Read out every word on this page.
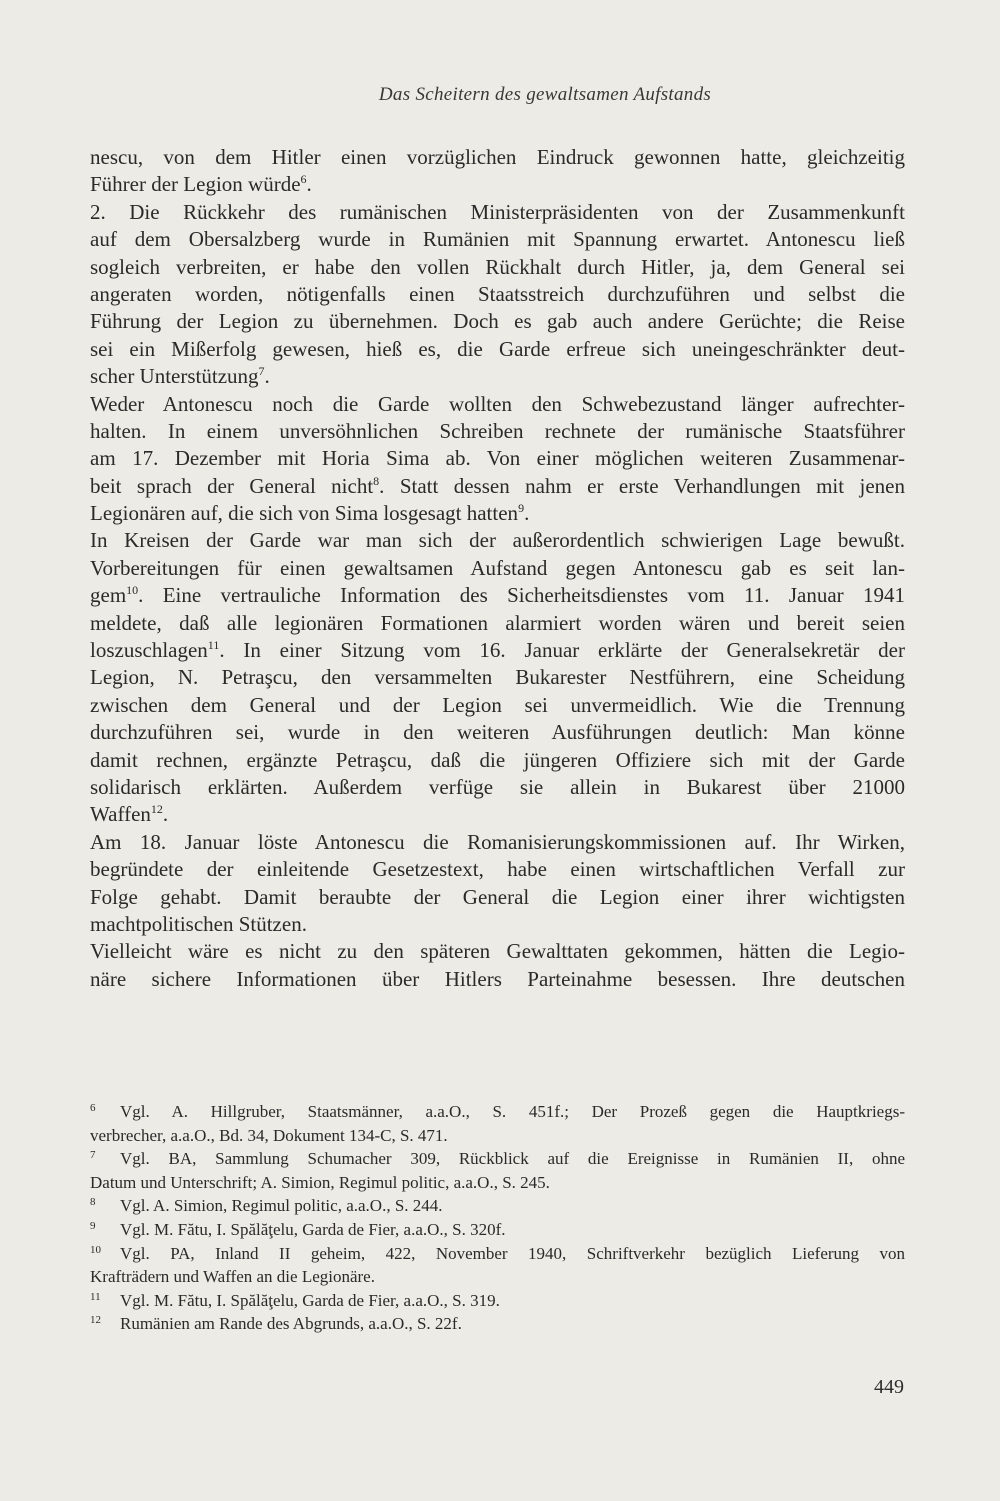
Das Scheitern des gewaltsamen Aufstands
nescu, von dem Hitler einen vorzüglichen Eindruck gewonnen hatte, gleichzeitig
Führer der Legion würde$^6$.
2. Die Rückkehr des rumänischen Ministerpräsidenten von der Zusammenkunft
auf dem Obersalzberg wurde in Rumänien mit Spannung erwartet. Antonescu ließ
sogleich verbreiten, er habe den vollen Rückhalt durch Hitler, ja, dem General sei
angeraten worden, nötigenfalls einen Staatsstreich durchzuführen und selbst die
Führung der Legion zu übernehmen. Doch es gab auch andere Gerüchte; die Reise
sei ein Mißerfolg gewesen, hieß es, die Garde erfreue sich uneingeschränkter deut-
scher Unterstützung$^7$.
Weder Antonescu noch die Garde wollten den Schwebezustand länger aufrechter-
halten. In einem unversöhnlichen Schreiben rechnete der rumänische Staatsführer
am 17. Dezember mit Horia Sima ab. Von einer möglichen weiteren Zusammenar-
beit sprach der General nicht$^8$. Statt dessen nahm er erste Verhandlungen mit jenen
Legionären auf, die sich von Sima losgesagt hatten$^9$.
In Kreisen der Garde war man sich der außerordentlich schwierigen Lage bewußt.
Vorbereitungen für einen gewaltsamen Aufstand gegen Antonescu gab es seit lan-
gem$^{10}$. Eine vertrauliche Information des Sicherheitsdienstes vom 11. Januar 1941
meldete, daß alle legionären Formationen alarmiert worden wären und bereit seien
loszuschlagen$^{11}$. In einer Sitzung vom 16. Januar erklärte der Generalsekretär der
Legion, N. Petraşcu, den versammelten Bukarester Nestführern, eine Scheidung
zwischen dem General und der Legion sei unvermeidlich. Wie die Trennung
durchzuführen sei, wurde in den weiteren Ausführungen deutlich: Man könne
damit rechnen, ergänzte Petraşcu, daß die jüngeren Offiziere sich mit der Garde
solidarisch erklärten. Außerdem verfüge sie allein in Bukarest über 21000
Waffen$^{12}$.
Am 18. Januar löste Antonescu die Romanisierungskommissionen auf. Ihr Wirken,
begründete der einleitende Gesetzestext, habe einen wirtschaftlichen Verfall zur
Folge gehabt. Damit beraubte der General die Legion einer ihrer wichtigsten
machtpolitischen Stützen.
Vielleicht wäre es nicht zu den späteren Gewalttaten gekommen, hätten die Legio-
näre sichere Informationen über Hitlers Parteinahme besessen. Ihre deutschen
6 Vgl. A. Hillgruber, Staatsmänner, a.a.O., S. 451f.; Der Prozeß gegen die Hauptkriegs-
verbrecher, a.a.O., Bd. 34, Dokument 134-C, S. 471.
7 Vgl. BA, Sammlung Schumacher 309, Rückblick auf die Ereignisse in Rumänien II, ohne
Datum und Unterschrift; A. Simion, Regimul politic, a.a.O., S. 245.
8 Vgl. A. Simion, Regimul politic, a.a.O., S. 244.
9 Vgl. M. Fătu, I. Spălăţelu, Garda de Fier, a.a.O., S. 320f.
10 Vgl. PA, Inland II geheim, 422, November 1940, Schriftverkehr bezüglich Lieferung von
Krafträdern und Waffen an die Legionäre.
11 Vgl. M. Fătu, I. Spălăţelu, Garda de Fier, a.a.O., S. 319.
12 Rumänien am Rande des Abgrunds, a.a.O., S. 22f.
449
